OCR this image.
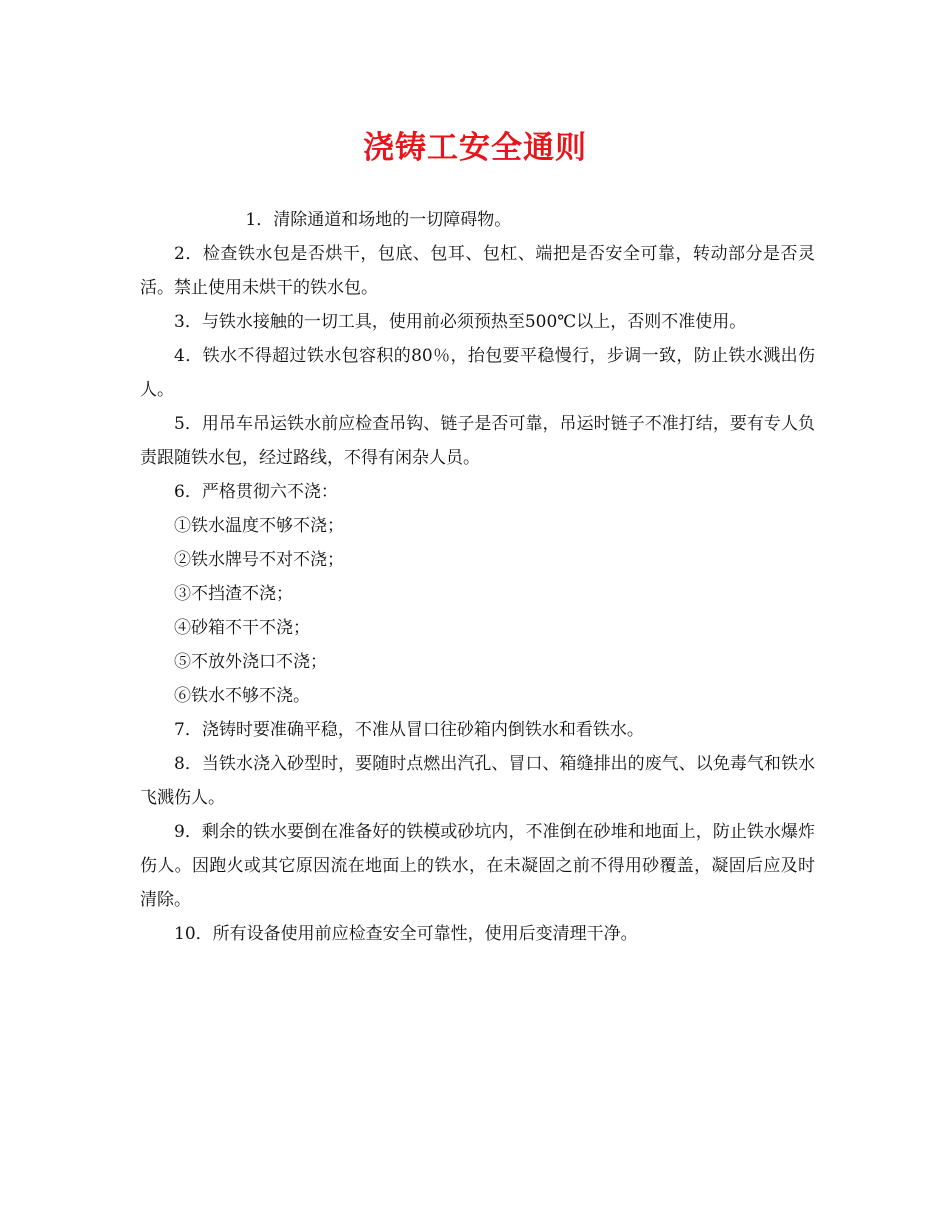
浇铸工安全通则

1．清除通道和场地的一切障碍物。

2．检查铁水包是否烘干，包底、包耳、包杠、端把是否安全可靠，转动部分是否灵活。禁止使用未烘干的铁水包。

3．与铁水接触的一切工具，使用前必须预热至500℃以上，否则不准使用。

4．铁水不得超过铁水包容积的80％，抬包要平稳慢行，步调一致，防止铁水溅出伤人。

5．用吊车吊运铁水前应检查吊钩、链子是否可靠，吊运时链子不准打结，要有专人负责跟随铁水包，经过路线，不得有闲杂人员。

6．严格贯彻六不浇：

①铁水温度不够不浇；

②铁水牌号不对不浇；

③不挡渣不浇；

④砂箱不干不浇；

⑤不放外浇口不浇；

⑥铁水不够不浇。

7．浇铸时要准确平稳，不准从冒口往砂箱内倒铁水和看铁水。

8．当铁水浇入砂型时，要随时点燃出汽孔、冒口、箱缝排出的废气、以免毒气和铁水飞溅伤人。

9．剩余的铁水要倒在准备好的铁模或砂坑内，不准倒在砂堆和地面上，防止铁水爆炸伤人。因跑火或其它原因流在地面上的铁水，在未凝固之前不得用砂覆盖，凝固后应及时清除。

10．所有设备使用前应检查安全可靠性，使用后变清理干净。
